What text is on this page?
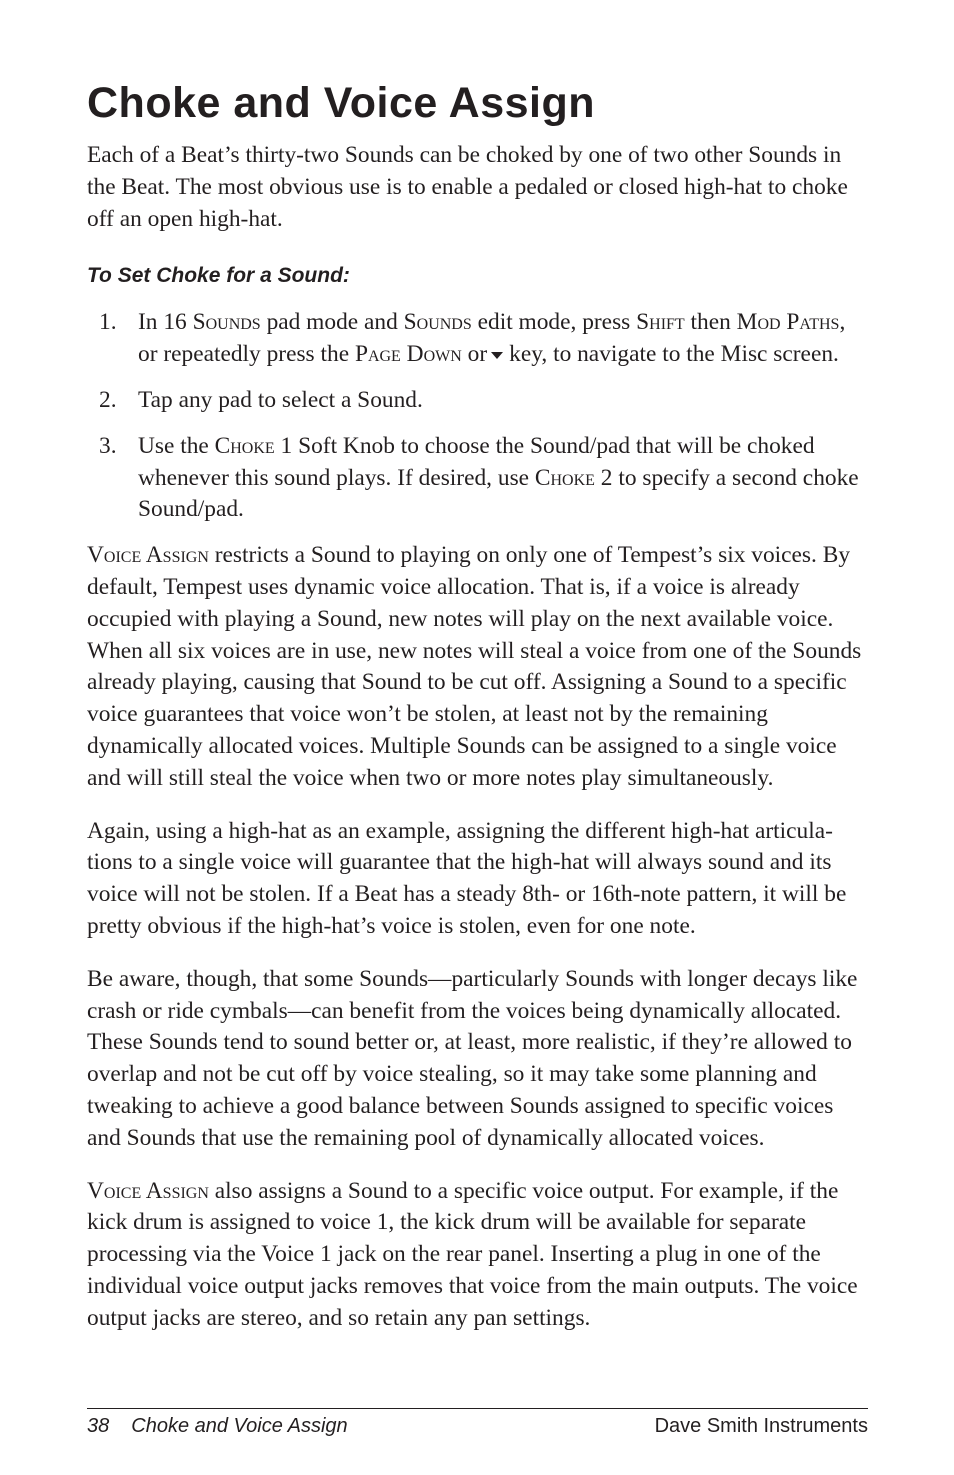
Choke and Voice Assign

Each of a Beat’s thirty-two Sounds can be choked by one of two other Sounds in the Beat. The most obvious use is to enable a pedaled or closed high-hat to choke off an open high-hat.

To Set Choke for a Sound:
1. In 16 Sounds pad mode and Sounds edit mode, press Shift then Mod Paths,
or repeatedly press the Page Down or key, to navigate to the Misc screen.
2. Tap any pad to select a Sound.
3. Use the Choke 1 Soft Knob to choose the Sound/pad that will be choked whenever this sound plays. If desired, use Choke 2 to specify a second choke Sound/pad.

Voice Assign restricts a Sound to playing on only one of Tempest’s six voices. By default, Tempest uses dynamic voice allocation. That is, if a voice is already occupied with playing a Sound, new notes will play on the next available voice. When all six voices are in use, new notes will steal a voice from one of the Sounds already playing, causing that Sound to be cut off. Assigning a Sound to a specific voice guarantees that voice won’t be stolen, at least not by the remaining dynamically allocated voices. Multiple Sounds can be assigned to a single voice and will still steal the voice when two or more notes play simultaneously.

Again, using a high-hat as an example, assigning the different high-hat articulations to a single voice will guarantee that the high-hat will always sound and its voice will not be stolen. If a Beat has a steady 8th- or 16th-note pattern, it will be pretty obvious if the high-hat’s voice is stolen, even for one note.

Be aware, though, that some Sounds—particularly Sounds with longer decays like crash or ride cymbals—can benefit from the voices being dynamically allocated. These Sounds tend to sound better or, at least, more realistic, if they’re allowed to overlap and not be cut off by voice stealing, so it may take some planning and tweaking to achieve a good balance between Sounds assigned to specific voices and Sounds that use the remaining pool of dynamically allocated voices.

Voice Assign also assigns a Sound to a specific voice output. For example, if the kick drum is assigned to voice 1, the kick drum will be available for separate processing via the Voice 1 jack on the rear panel. Inserting a plug in one of the individual voice output jacks removes that voice from the main outputs. The voice output jacks are stereo, and so retain any pan settings.

38 Choke and Voice Assign	Dave Smith Instruments
